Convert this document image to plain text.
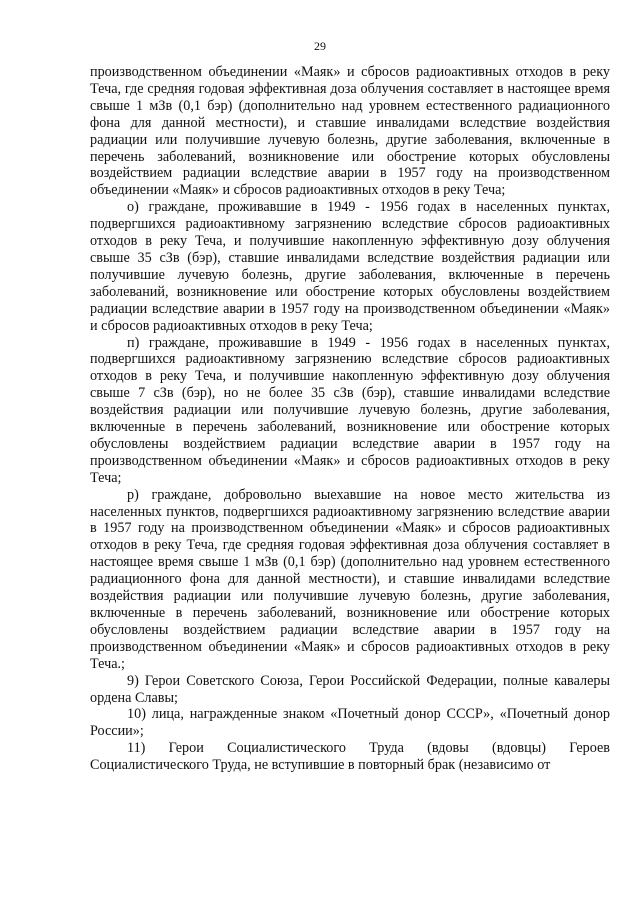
29

производственном объединении «Маяк» и сбросов радиоактивных отходов в реку Теча, где средняя годовая эффективная доза облучения составляет в настоящее время свыше 1 мЗв (0,1 бэр) (дополнительно над уровнем естественного радиационного фона для данной местности), и ставшие инвалидами вследствие воздействия радиации или получившие лучевую болезнь, другие заболевания, включенные в перечень заболеваний, возникновение или обострение которых обусловлены воздействием радиации вследствие аварии в 1957 году на производственном объединении «Маяк» и сбросов радиоактивных отходов в реку Теча;

о) граждане, проживавшие в 1949 - 1956 годах в населенных пунктах, подвергшихся радиоактивному загрязнению вследствие сбросов радиоактивных отходов в реку Теча, и получившие накопленную эффективную дозу облучения свыше 35 сЗв (бэр), ставшие инвалидами вследствие воздействия радиации или получившие лучевую болезнь, другие заболевания, включенные в перечень заболеваний, возникновение или обострение которых обусловлены воздействием радиации вследствие аварии в 1957 году на производственном объединении «Маяк» и сбросов радиоактивных отходов в реку Теча;

п) граждане, проживавшие в 1949 - 1956 годах в населенных пунктах, подвергшихся радиоактивному загрязнению вследствие сбросов радиоактивных отходов в реку Теча, и получившие накопленную эффективную дозу облучения свыше 7 сЗв (бэр), но не более 35 сЗв (бэр), ставшие инвалидами вследствие воздействия радиации или получившие лучевую болезнь, другие заболевания, включенные в перечень заболеваний, возникновение или обострение которых обусловлены воздействием радиации вследствие аварии в 1957 году на производственном объединении «Маяк» и сбросов радиоактивных отходов в реку Теча;

р) граждане, добровольно выехавшие на новое место жительства из населенных пунктов, подвергшихся радиоактивному загрязнению вследствие аварии в 1957 году на производственном объединении «Маяк» и сбросов радиоактивных отходов в реку Теча, где средняя годовая эффективная доза облучения составляет в настоящее время свыше 1 мЗв (0,1 бэр) (дополнительно над уровнем естественного радиационного фона для данной местности), и ставшие инвалидами вследствие воздействия радиации или получившие лучевую болезнь, другие заболевания, включенные в перечень заболеваний, возникновение или обострение которых обусловлены воздействием радиации вследствие аварии в 1957 году на производственном объединении «Маяк» и сбросов радиоактивных отходов в реку Теча.;

9) Герои Советского Союза, Герои Российской Федерации, полные кавалеры ордена Славы;

10) лица, награжденные знаком «Почетный донор СССР», «Почетный донор России»;

11) Герои Социалистического Труда (вдовы (вдовцы) Героев Социалистического Труда, не вступившие в повторный брак (независимо от
